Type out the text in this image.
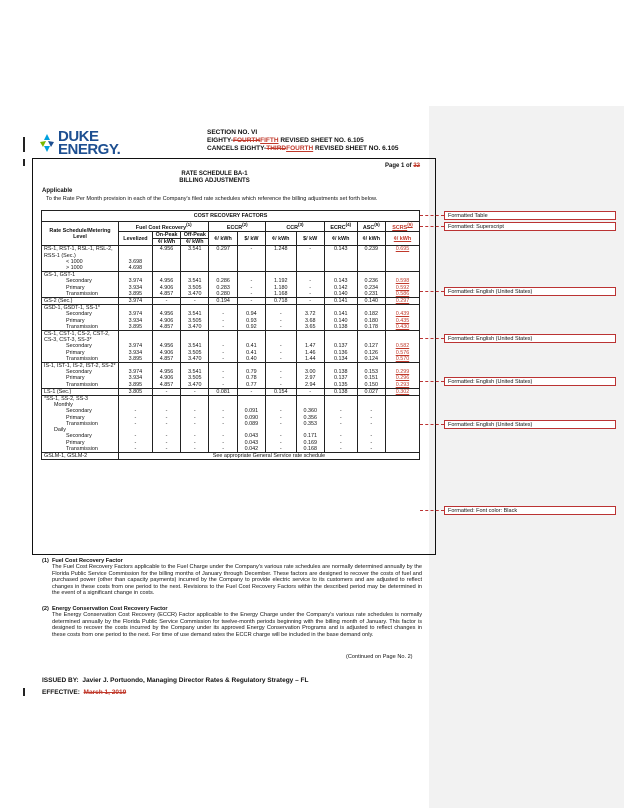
DUKE
ENERGY.
SECTION NO. VI
EIGHTY-FOURTHFIFTH REVISED SHEET NO. 6.105
CANCELS EIGHTY-THIRDFOURTH REVISED SHEET NO. 6.105
Page 1 of 32
RATE SCHEDULE BA-1
BILLING ADJUSTMENTS
Applicable
To the Rate Per Month provision in each of the Company's filed rate schedules which reference the billing adjustments set forth below.
COST RECOVERY FACTORS										
Rate Schedule/Metering Level	Fuel Cost Recovery$^{(1)}$			ECCR$^{(2)}$		CCR$^{(3)}$		ECRC$^{(4)}$	ASC$^{(5)}$	SCRS$^{(6)}$
	Levelized	On-Peak	Off-Peak	¢/ kWh	$/ kW	¢/ kWh	$/ kW	¢/ kWh	¢/ kWh	¢/ kWh
		¢/ kWh	¢/ kWh							
RS-1, RST-1, RSL-1, RSL-2, RSS-1 (Sec.)		4.956	3.541	0.297	-	1.248	-	0.143	0.239	0.695
< 1000	3.698									
> 1000	4.698									
GS-1, GST-1										
Secondary	3.974	4.956	3.541	0.286	-	1.192	-	0.143	0.236	0.598
Primary	3.934	4.906	3.505	0.283	-	1.180	-	0.142	0.234	0.592
Transmission	3.895	4.857	3.470	0.280	-	1.168	-	0.140	0.231	0.586
GS-2 (Sec.)	3.974	-	-	0.194	-	0.718	-	0.141	0.140	0.297
GSD-1, GSDT-1, SS-1*										
Secondary	3.974	4.956	3.541	-	0.94	-	3.72	0.141	0.182	0.439
Primary	3.934	4.906	3.505	-	0.93	-	3.68	0.140	0.180	0.435
Transmission	3.895	4.857	3.470	-	0.92	-	3.65	0.138	0.178	0.430
CS-1, CST-1, CS-2, CST-2, CS-3, CST-3, SS-3*										
Secondary	3.974	4.956	3.541	-	0.41	-	1.47	0.137	0.127	0.582
Primary	3.934	4.906	3.505	-	0.41	-	1.46	0.136	0.126	0.576
Transmission	3.895	4.857	3.470	-	0.40	-	1.44	0.134	0.124	0.570
IS-1, IST-1, IS-2, IST-2, SS-2*										
Secondary	3.974	4.956	3.541	-	0.79	-	3.00	0.138	0.153	0.299
Primary	3.934	4.906	3.505	-	0.78	-	2.97	0.137	0.151	0.296
Transmission	3.895	4.857	3.470	-	0.77	-	2.94	0.135	0.150	0.293
LS-1 (Sec.)	3.805	-	-	0.081	-	0.154	-	0.138	0.027	0.302
*SS-1, SS-2, SS-3										
Monthly										
Secondary	-	-	-	-	0.091	-	0.360	-	-	
Primary	-	-	-	-	0.090	-	0.356	-	-	
Transmission	-	-	-	-	0.089	-	0.353	-	-	
Daily										
Secondary	-	-	-	-	0.043	-	0.171	-	-	
Primary	-	-	-	-	0.043	-	0.169	-	-	
Transmission	-	-	-	-	0.042	-	0.168	-	-	
GSLM-1, GSLM-2	See appropriate General Service rate schedule									
(1) Fuel Cost Recovery Factor
The Fuel Cost Recovery Factors applicable to the Fuel Charge under the Company's various rate schedules are normally determined annually by the Florida Public Service Commission for the billing months of January through December. These factors are designed to recover the costs of fuel and purchased power (other than capacity payments) incurred by the Company to provide electric service to its customers and are adjusted to reflect changes in these costs from one period to the next. Revisions to the Fuel Cost Recovery Factors within the described period may be determined in the event of a significant change in costs.
(2) Energy Conservation Cost Recovery Factor
The Energy Conservation Cost Recovery (ECCR) Factor applicable to the Energy Charge under the Company's various rate schedules is normally determined annually by the Florida Public Service Commission for twelve-month periods beginning with the billing month of January. This factor is designed to recover the costs incurred by the Company under its approved Energy Conservation Programs and is adjusted to reflect changes in these costs from one period to the next. For time of use demand rates the ECCR charge will be included in the base demand only.
(Continued on Page No. 2)
ISSUED BY: Javier J. Portuondo, Managing Director Rates & Regulatory Strategy – FL
EFFECTIVE: March 1, 2019
Formatted Table
Formatted: Superscript
Formatted: English (United States)
Formatted: English (United States)
Formatted: English (United States)
Formatted: English (United States)
Formatted: Font color: Black
